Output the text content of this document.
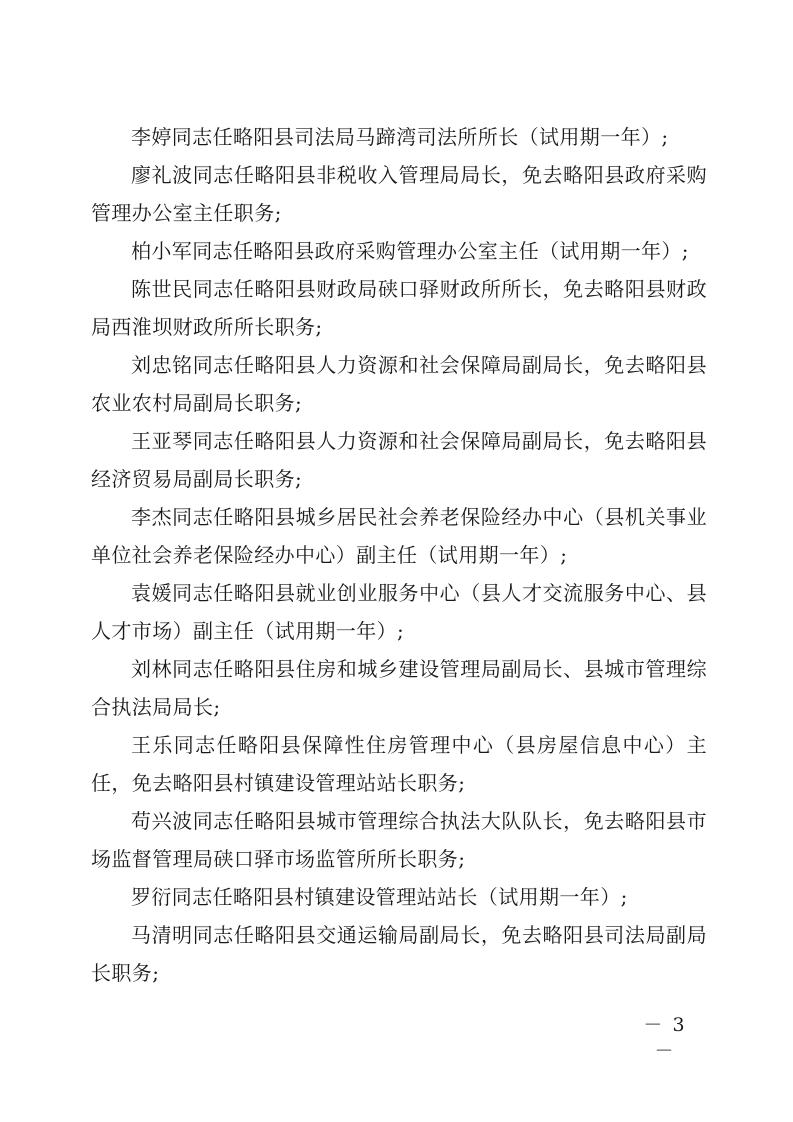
李婷同志任略阳县司法局马蹄湾司法所所长（试用期一年）;

廖礼波同志任略阳县非税收入管理局局长，免去略阳县政府采购管理办公室主任职务;

柏小军同志任略阳县政府采购管理办公室主任（试用期一年）;

陈世民同志任略阳县财政局硖口驿财政所所长，免去略阳县财政局西淮坝财政所所长职务;

刘忠铭同志任略阳县人力资源和社会保障局副局长，免去略阳县农业农村局副局长职务;

王亚琴同志任略阳县人力资源和社会保障局副局长，免去略阳县经济贸易局副局长职务;

李杰同志任略阳县城乡居民社会养老保险经办中心（县机关事业单位社会养老保险经办中心）副主任（试用期一年）;

袁媛同志任略阳县就业创业服务中心（县人才交流服务中心、县人才市场）副主任（试用期一年）;

刘林同志任略阳县住房和城乡建设管理局副局长、县城市管理综合执法局局长;

王乐同志任略阳县保障性住房管理中心（县房屋信息中心）主任，免去略阳县村镇建设管理站站长职务;

苟兴波同志任略阳县城市管理综合执法大队队长，免去略阳县市场监督管理局硖口驿市场监管所所长职务;

罗衍同志任略阳县村镇建设管理站站长（试用期一年）;

马清明同志任略阳县交通运输局副局长，免去略阳县司法局副局长职务;

－ 3 －
